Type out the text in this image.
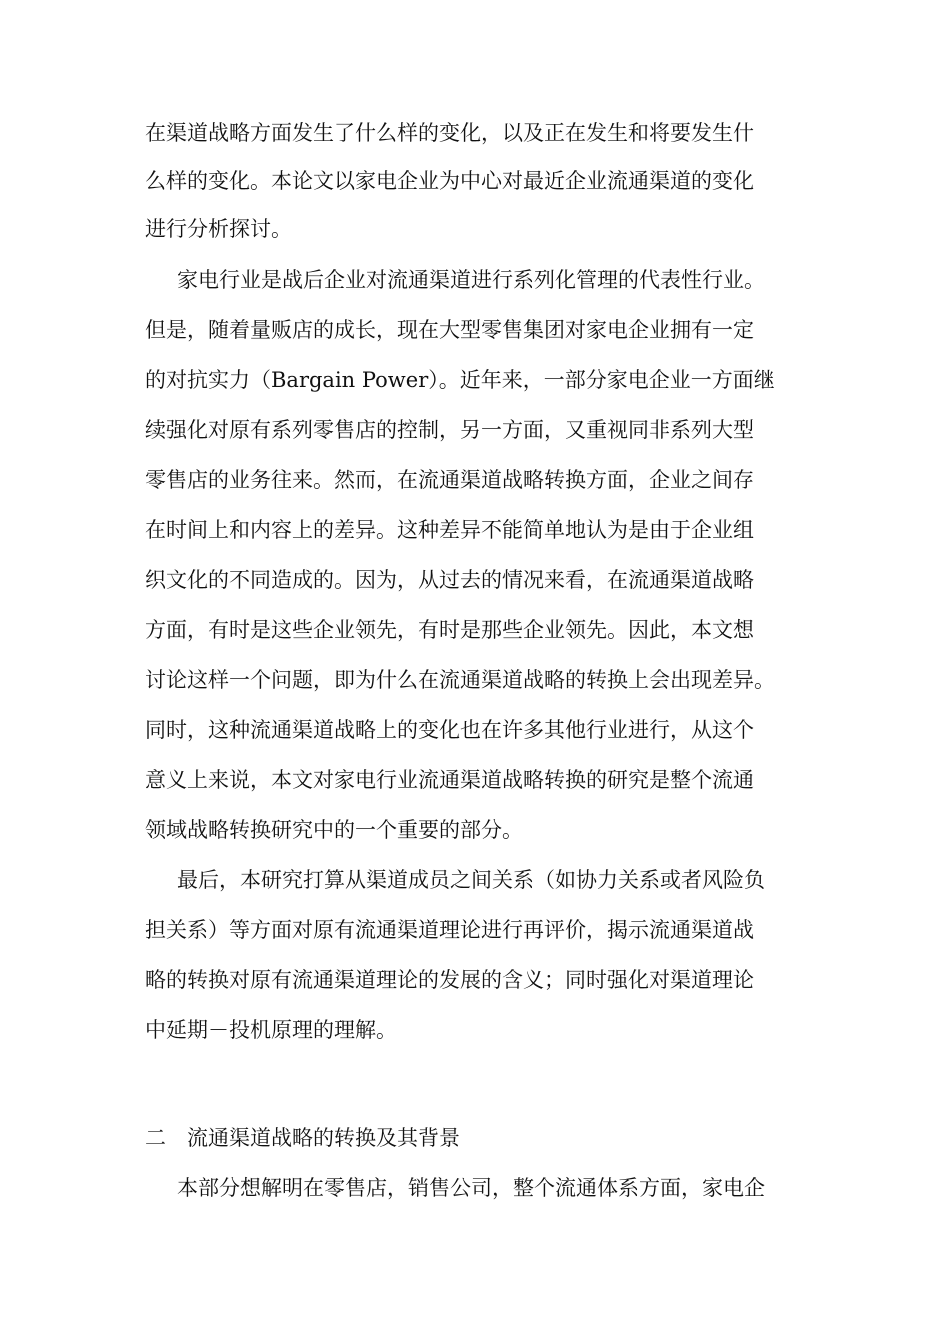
在渠道战略方面发生了什么样的变化，以及正在发生和将要发生什
么样的变化。本论文以家电企业为中心对最近企业流通渠道的变化
进行分析探讨。
家电行业是战后企业对流通渠道进行系列化管理的代表性行业。
但是，随着量贩店的成长，现在大型零售集团对家电企业拥有一定
的对抗实力（Bargain Power）。近年来，一部分家电企业一方面继
续强化对原有系列零售店的控制，另一方面，又重视同非系列大型
零售店的业务往来。然而，在流通渠道战略转换方面，企业之间存
在时间上和内容上的差异。这种差异不能简单地认为是由于企业组
织文化的不同造成的。因为，从过去的情况来看，在流通渠道战略
方面，有时是这些企业领先，有时是那些企业领先。因此，本文想
讨论这样一个问题，即为什么在流通渠道战略的转换上会出现差异。
同时，这种流通渠道战略上的变化也在许多其他行业进行，从这个
意义上来说，本文对家电行业流通渠道战略转换的研究是整个流通
领域战略转换研究中的一个重要的部分。
最后，本研究打算从渠道成员之间关系（如协力关系或者风险负
担关系）等方面对原有流通渠道理论进行再评价，揭示流通渠道战
略的转换对原有流通渠道理论的发展的含义；同时强化对渠道理论
中延期－投机原理的理解。
二　流通渠道战略的转换及其背景
本部分想解明在零售店，销售公司，整个流通体系方面，家电企
